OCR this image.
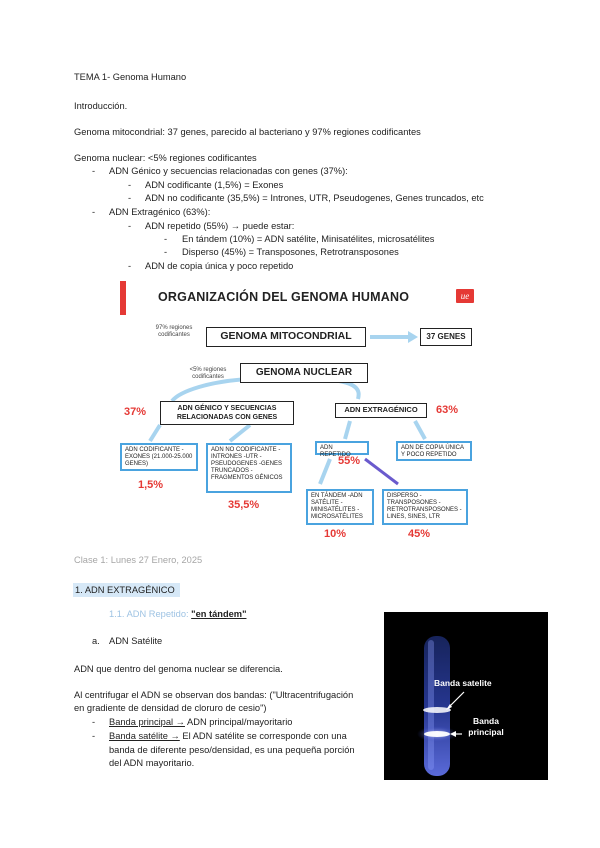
TEMA 1- Genoma Humano
Introducción.
Genoma mitocondrial: 37 genes, parecido al bacteriano y 97% regiones codificantes
Genoma nuclear: <5% regiones codificantes
- ADN Génico y secuencias relacionadas con genes (37%):
- ADN codificante (1,5%) = Exones
- ADN no codificante (35,5%) = Intrones, UTR, Pseudogenes, Genes truncados, etc
- ADN Extragénico (63%):
- ADN repetido (55%) → puede estar:
- En tándem (10%) = ADN satélite, Minisatélites, microsatélites
- Disperso (45%) = Transposones, Retrotransposones
- ADN de copia única y poco repetido
ue
ORGANIZACIÓN DEL GENOMA HUMANO
97% regiones codificantes	GENOMA MITOCONDRIAL	37 GENES
<5% regiones codificantes	GENOMA NUCLEAR
37%	ADN GÉNICO Y SECUENCIAS RELACIONADAS CON GENES
ADN EXTRAGÉNICO	63%
ADN CODIFICANTE -EXONES (21.000-25.000 GENES)
ADN NO CODIFICANTE -INTRONES -UTR -PSEUDOGENES -GENES TRUNCADOS -FRAGMENTOS GÉNICOS
ADN REPETIDO
ADN DE COPIA ÚNICA Y POCO REPETIDO
1,5%
35,5%
55%
EN TÁNDEM -ADN SATÉLITE -MINISATÉLITES -MICROSATÉLITES
DISPERSO -TRANSPOSONES -RETROTRANSPOSONES -LINES, SINES, LTR
10%	45%
Clase 1: Lunes 27 Enero, 2025
1. ADN EXTRAGÉNICO
1.1. ADN Repetido: "en tándem"
a. ADN Satélite
ADN que dentro del genoma nuclear se diferencia.
Al centrifugar el ADN se observan dos bandas: ("Ultracentrifugación
en gradiente de densidad de cloruro de cesio")
- Banda principal → ADN principal/mayoritario
- Banda satélite → El ADN satélite se corresponde con una
banda de diferente peso/densidad, es una pequeña porción
del ADN mayoritario.
Banda satelite
Banda principal
